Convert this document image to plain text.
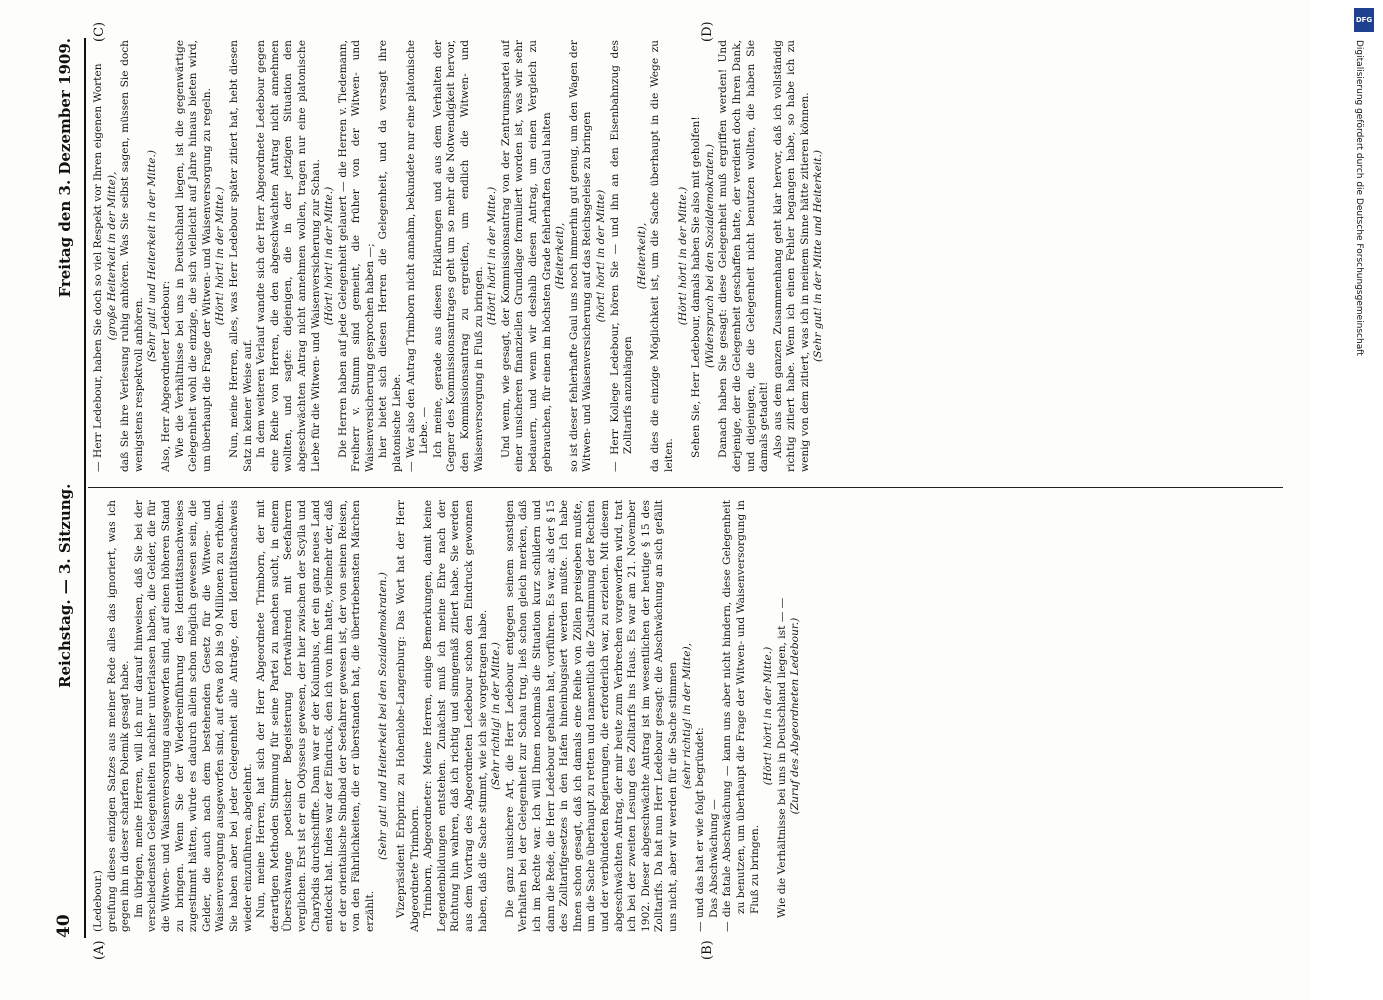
40
Reichstag. — 3. Sitzung.
Freitag den 3. Dezember 1909.
(A)	(B)
(C)	(D)

(Ledebour.) greifung dieses einzigen Satzes aus meiner Rede alles das ignoriert, was ich gegen ihn in dieser scharfen Polemik gesagt habe. Im übrigen, meine Herren, will ich nur darauf hinweisen, daß Sie bei der verschiedensten Gelegenheiten nachher unterlassen haben, die Gelder, die für die Witwen- und Waisenversorgung ausgeworfen sind, auf einen höheren Stand zu bringen. Wenn Sie der Wiedereinführung des Identitätsnachweises zugestimmt hätten, würde es dadurch allein schon möglich gewesen sein, die Gelder, die auch nach dem bestehenden Gesetz für die Witwen- und Waisenversorgung ausgeworfen sind, auf etwa 80 bis 90 Millionen zu erhöhen. Sie haben aber bei jeder Gelegenheit alle Anträge, den Identitätsnachweis wieder einzuführen, abgelehnt. Nun, meine Herren, hat sich der Herr Abgeordnete Trimborn, der mit derartigen Methoden Stimmung für seine Partei zu machen sucht, in einem Überschwange poetischer Begeisterung fortwährend mit Seefahrern verglichen. Erst ist er ein Odysseus gewesen, der hier zwischen der Scylla und Charybdis durchschiffte. Dann war er der Kolumbus, der ein ganz neues Land entdeckt hat. Indes war der Eindruck, den ich von ihm hatte, vielmehr der, daß er der orientalische Sindbad der Seefahrer gewesen ist, der von seinen Reisen, von den Fährlichkeiten, die er überstanden hat, die übertriebensten Märchen erzählt.

(Sehr gut! und Heiterkeit bei den Sozialdemokraten.) Vizepräsident Erbprinz zu Hohenlohe-Langenburg: Das Wort hat der Herr Abgeordnete Trimborn. Trimborn, Abgeordneter: Meine Herren, einige Bemerkungen, damit keine Legendenbildungen entstehen. Zunächst muß ich meine Ehre nach der Richtung hin wahren, daß ich richtig und sinngemäß zitiert habe. Sie werden aus dem Vortrag des Abgeordneten Ledebour schon den Eindruck gewonnen haben, daß die Sache stimmt, wie ich sie vorgetragen habe. (Sehr richtig! in der Mitte.) Die ganz unsichere Art, die Herr Ledebour entgegen seinem sonstigen Verhalten bei der Gelegenheit zur Schau trug, ließ schon gleich merken, daß ich im Rechte war. Ich will Ihnen nochmals die Situation kurz schildern und dann die Rede, die Herr Ledebour gehalten hat, vorführen. Es war, als der § 15 des Zolltarifgesetzes in den Hafen hineinbugsiert werden mußte. Ich habe Ihnen schon gesagt, daß ich damals eine Reihe von Zöllen preisgeben mußte, um die Sache überhaupt zu retten und namentlich die Zustimmung der Rechten und der verbündeten Regierungen, die erforderlich war, zu erzielen. Mit diesem abgeschwächten Antrag, der mir heute zum Verbrechen vorgeworfen wird, trat ich bei der zweiten Lesung des Zolltarifs ins Haus. Es war am 21. November 1902. Dieser abgeschwächte Antrag ist im wesentlichen der heutige § 15 des Zolltarifs. Da hat nun Herr Ledebour gesagt: die Abschwächung an sich gefällt uns nicht, aber wir werden für die Sache stimmen (sehr richtig! in der Mitte),

— und das hat er wie folgt begründet: Das Abschwächung — — die fatale Abschwächung — kann uns aber nicht hindern, diese Gelegenheit zu benutzen, um überhaupt die Frage der Witwen- und Waisenversorgung in Fluß zu bringen.

(Hört! hört! in der Mitte.) Wie die Verhältnisse bei uns in Deutschland liegen, ist — — (Zuruf des Abgeordneten Ledebour.)

— Herr Ledebour, haben Sie doch so viel Respekt vor Ihren eigenen Worten (große Heiterkeit in der Mitte), daß Sie ihre Verlesung ruhig anhören. Was Sie selbst sagen, müssen Sie doch wenigstens respektvoll anhören.

(Sehr gut! und Heiterkeit in der Mitte.)

Also, Herr Abgeordneter Ledebour: Wie die Verhältnisse bei uns in Deutschland liegen, ist die gegenwärtige Gelegenheit wohl die einzige, die sich vielleicht auf Jahre hinaus bieten wird, um überhaupt die Frage der Witwen- und Waisenversorgung zu regeln. (Hört! hört! in der Mitte.) Nun, meine Herren, alles, was Herr Ledebour später zitiert hat, hebt diesen Satz in keiner Weise auf. In dem weiteren Verlauf wandte sich der Herr Abgeordnete Ledebour gegen eine Reihe von Herren, die den abgeschwächten Antrag nicht annehmen wollten, und sagte: diejenigen, die in der jetzigen Situation den abgeschwächten Antrag nicht annehmen wollen, tragen nur eine platonische Liebe für die Witwen- und Waisenversicherung zur Schau. (Hört! hört! in der Mitte.) Die Herren haben auf jede Gelegenheit gelauert — die Herren v. Tiedemann, Freiherr v. Stumm sind gemeint, die früher von der Witwen- und Waisenversicherung gesprochen haben —; hier bietet sich diesen Herren die Gelegenheit, und da versagt ihre platonische Liebe. — Wer also den Antrag Trimborn nicht annahm, bekundete nur eine platonische Liebe. — Ich meine, gerade aus diesen Erklärungen und aus dem Verhalten der Gegner des Kommissionsantrages geht um so mehr die Notwendigkeit hervor, den Kommissionsantrag zu ergreifen, um endlich die Witwen- und Waisenversorgung in Fluß zu bringen.

(Hört! hört! in der Mitte.) Und wenn, wie gesagt, der Kommissionsantrag von der Zentrumspartei auf einer unsicheren finanziellen Grundlage formuliert worden ist, was wir sehr bedauern, und wenn wir deshalb diesen Antrag, um einen Vergleich zu gebrauchen, für einen im höchsten Grade fehlerhaften Gaul halten (Heiterkeit), so ist dieser fehlerhafte Gaul uns noch immerhin gut genug, um den Wagen der Witwen- und Waisenversicherung auf das Reichsgeleise zu bringen (hört! hört! in der Mitte) — Herr Kollege Ledebour, hören Sie — und ihn an den Eisenbahnzug des Zolltarifs anzuhängen

(Heiterkeit), da dies die einzige Möglichkeit ist, um die Sache überhaupt in die Wege zu leiten.

(Hört! hört! in der Mitte.) Sehen Sie, Herr Ledebour, damals haben Sie also mit geholfen! (Widerspruch bei den Sozialdemokraten.) Danach haben Sie gesagt: diese Gelegenheit muß ergriffen werden! Und derjenige, der die Gelegenheit geschaffen hatte, der verdient doch Ihren Dank, und diejenigen, die die Gelegenheit nicht benutzen wollten, die haben Sie damals getadelt! Also aus dem ganzen Zusammenhang geht klar hervor, daß ich vollständig richtig zitiert habe. Wenn ich einen Fehler begangen habe, so habe ich zu wenig von dem zitiert, was ich in meinem Sinne hätte zitieren können. (Sehr gut! in der Mitte und Heiterkeit.)

DFG
Digitalisierung gefördert durch die Deutsche Forschungsgemeinschaft
